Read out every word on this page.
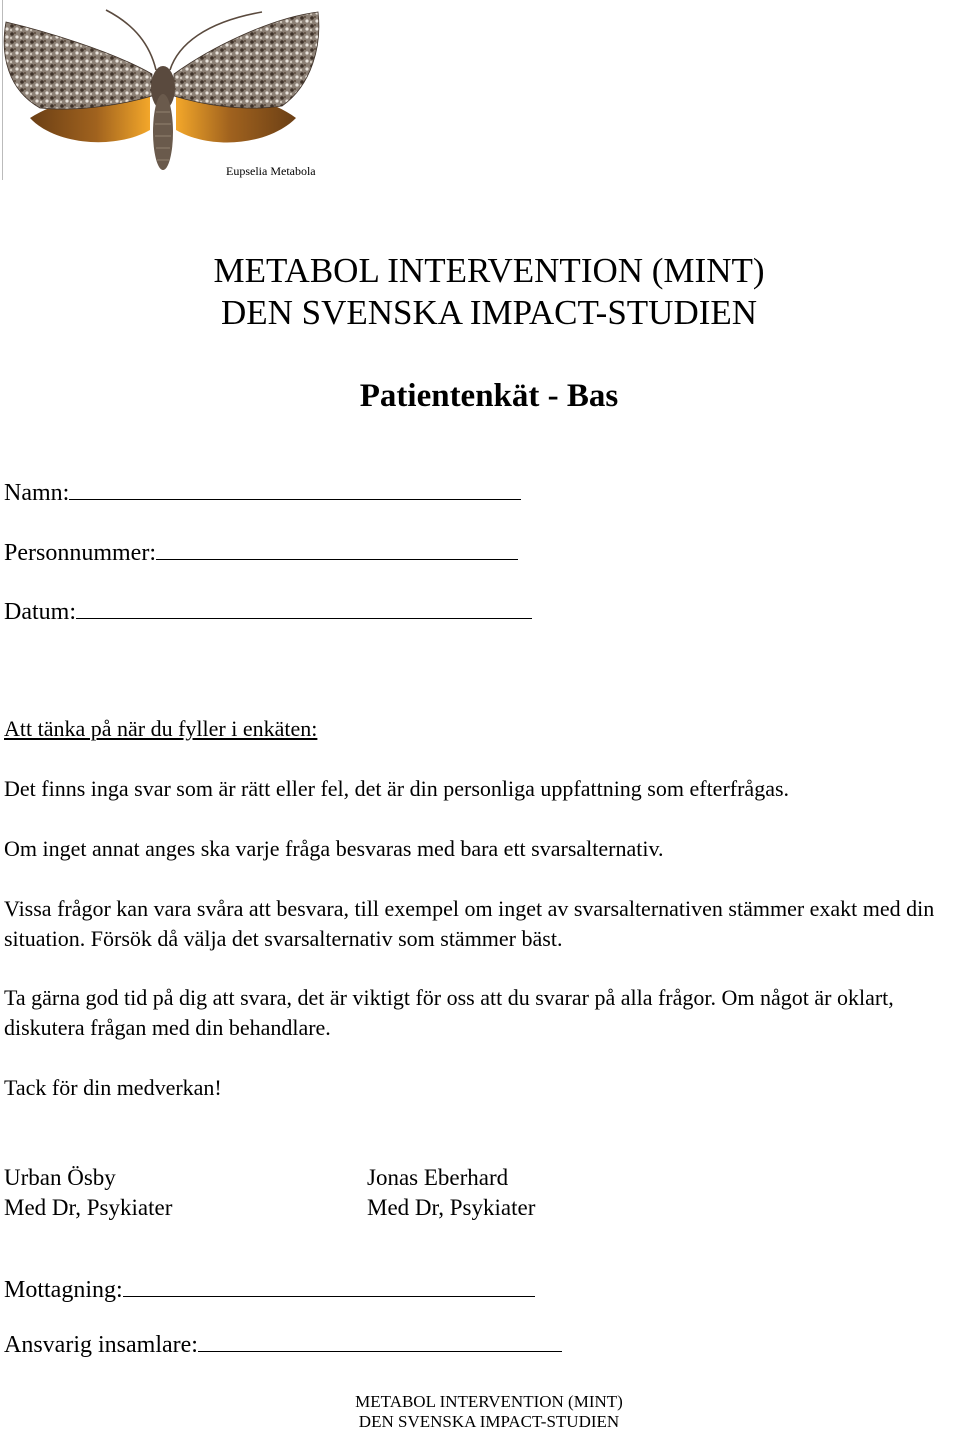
Eupselia Metabola
METABOL INTERVENTION (MINT)
DEN SVENSKA IMPACT-STUDIEN
Patientenkät - Bas
Namn:
Personnummer:
Datum:
Att tänka på när du fyller i enkäten:
Det finns inga svar som är rätt eller fel, det är din personliga uppfattning som efterfrågas.
Om inget annat anges ska varje fråga besvaras med bara ett svarsalternativ.
Vissa frågor kan vara svåra att besvara, till exempel om inget av svarsalternativen stämmer exakt med din situation. Försök då välja det svarsalternativ som stämmer bäst.
Ta gärna god tid på dig att svara, det är viktigt för oss att du svarar på alla frågor. Om något är oklart, diskutera frågan med din behandlare.
Tack för din medverkan!
Urban Ösby
Med Dr, Psykiater
Jonas Eberhard
Med Dr, Psykiater
Mottagning:
Ansvarig insamlare:
METABOL INTERVENTION (MINT)
DEN SVENSKA IMPACT-STUDIEN
